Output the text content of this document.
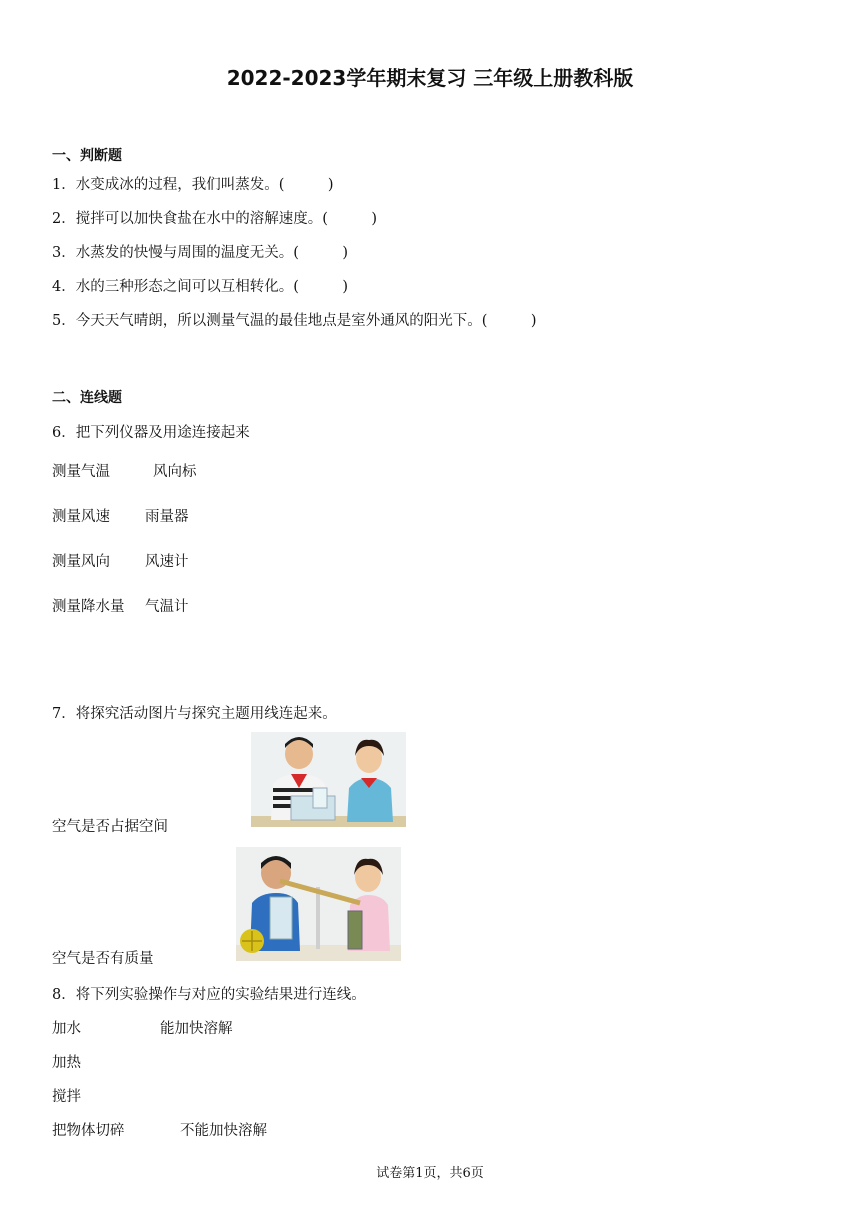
2022-2023学年期末复习 三年级上册教科版
一、判断题
1．水变成冰的过程，我们叫蒸发。(　　　)
2．搅拌可以加快食盐在水中的溶解速度。(　　　)
3．水蒸发的快慢与周围的温度无关。(　　　)
4．水的三种形态之间可以互相转化。(　　　)
5．今天天气晴朗，所以测量气温的最佳地点是室外通风的阳光下。(　　　)
二、连线题
6．把下列仪器及用途连接起来
测量气温	风向标
测量风速 雨量器
测量风向 风速计
测量降水量 气温计
7．将探究活动图片与探究主题用线连起来。
空气是否占据空间
空气是否有质量
8．将下列实验操作与对应的实验结果进行连线。
加水	能加快溶解
加热
搅拌
把物体切碎	不能加快溶解
试卷第1页，共6页
